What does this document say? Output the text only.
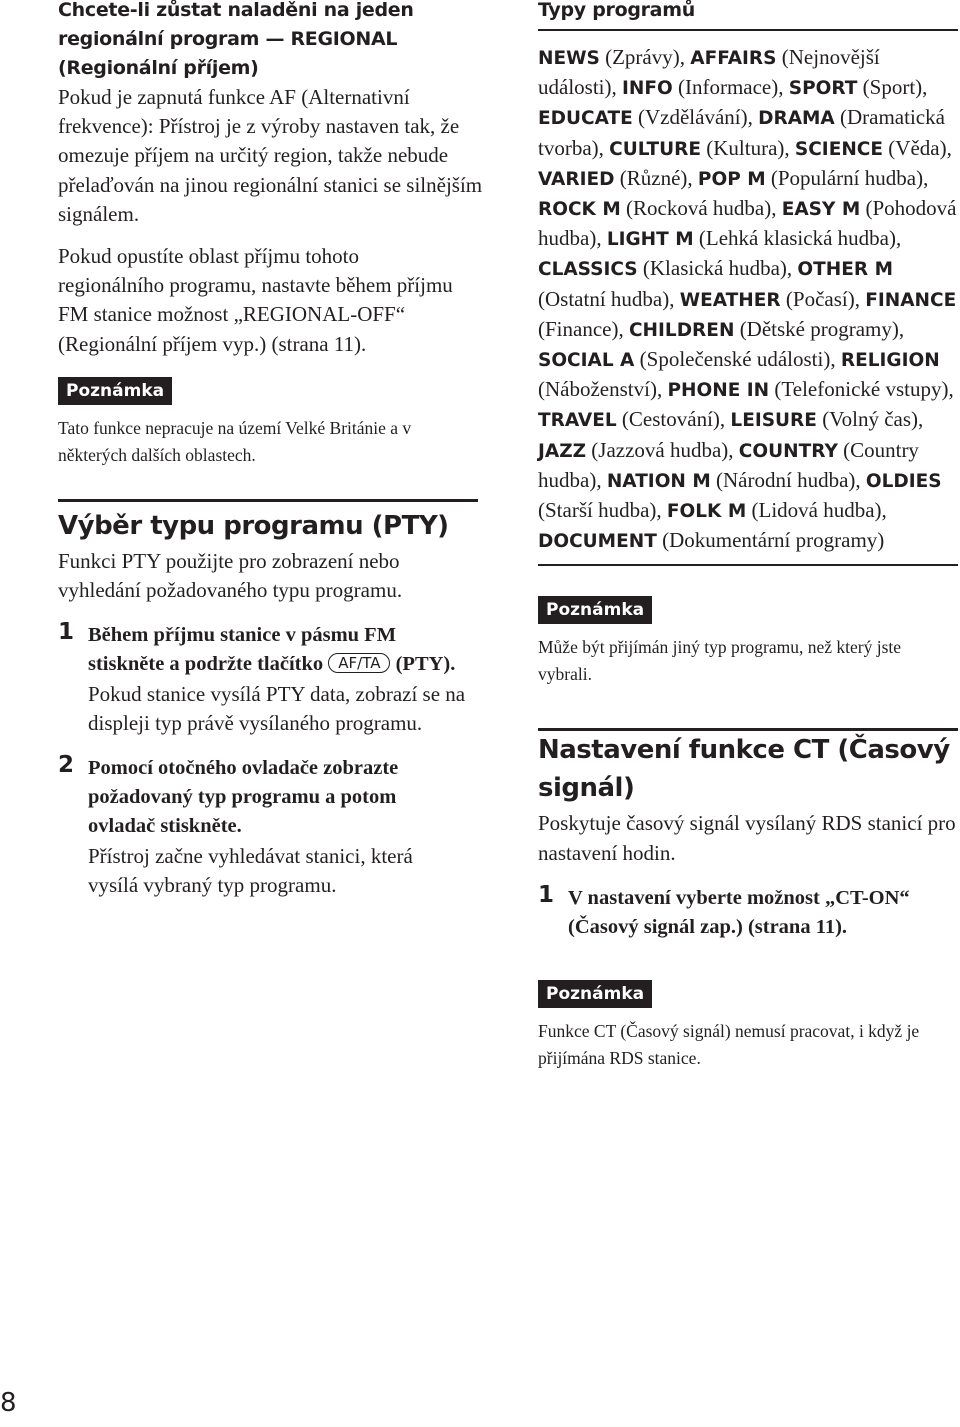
Chcete-li zůstat naladěni na jeden regionální program — REGIONAL (Regionální příjem)

Pokud je zapnutá funkce AF (Alternativní frekvence): Přístroj je z výroby nastaven tak, že omezuje příjem na určitý region, takže nebude přelaďován na jinou regionální stanici se silnějším signálem.

Pokud opustíte oblast příjmu tohoto regionálního programu, nastavte během příjmu FM stanice možnost „REGIONAL-OFF“ (Regionální příjem vyp.) (strana 11).

Poznámka

Tato funkce nepracuje na území Velké Británie a v některých dalších oblastech.

Výběr typu programu (PTY)

Funkci PTY použijte pro zobrazení nebo vyhledání požadovaného typu programu.

1 Během příjmu stanice v pásmu FM stiskněte a podržte tlačítko AF/TA (PTY).

Pokud stanice vysílá PTY data, zobrazí se na displeji typ právě vysílaného programu.

2 Pomocí otočného ovladače zobrazte požadovaný typ programu a potom ovladač stiskněte.

Přístroj začne vyhledávat stanici, která vysílá vybraný typ programu.

Typy programů

NEWS (Zprávy), AFFAIRS (Nejnovější události), INFO (Informace), SPORT (Sport), EDUCATE (Vzdělávání), DRAMA (Dramatická tvorba), CULTURE (Kultura), SCIENCE (Věda), VARIED (Různé), POP M (Populární hudba), ROCK M (Rocková hudba), EASY M (Pohodová hudba), LIGHT M (Lehká klasická hudba), CLASSICS (Klasická hudba), OTHER M (Ostatní hudba), WEATHER (Počasí), FINANCE (Finance), CHILDREN (Dětské programy), SOCIAL A (Společenské události), RELIGION (Náboženství), PHONE IN (Telefonické vstupy), TRAVEL (Cestování), LEISURE (Volný čas), JAZZ (Jazzová hudba), COUNTRY (Country hudba), NATION M (Národní hudba), OLDIES (Starší hudba), FOLK M (Lidová hudba), DOCUMENT (Dokumentární programy)

Poznámka

Může být přijímán jiný typ programu, než který jste vybrali.

Nastavení funkce CT (Časový signál)

Poskytuje časový signál vysílaný RDS stanicí pro nastavení hodin.

1 V nastavení vyberte možnost „CT-ON“ (Časový signál zap.) (strana 11).

Poznámka

Funkce CT (Časový signál) nemusí pracovat, i když je přijímána RDS stanice.

8
